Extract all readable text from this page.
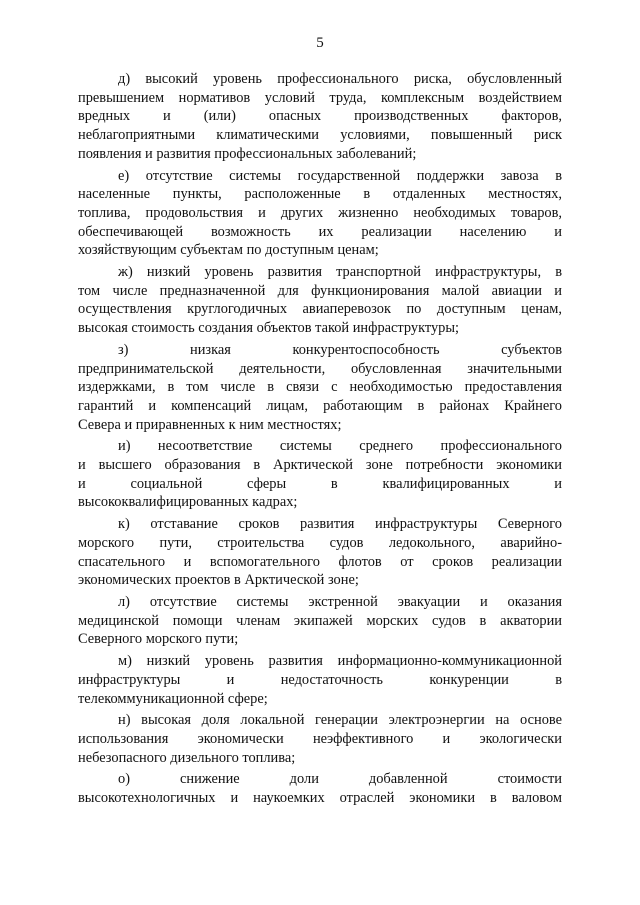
5
д) высокий уровень профессионального риска, обусловленный
превышением нормативов условий труда, комплексным воздействием
вредных и (или) опасных производственных факторов,
неблагоприятными климатическими условиями, повышенный риск
появления и развития профессиональных заболеваний;
е) отсутствие системы государственной поддержки завоза в
населенные пункты, расположенные в отдаленных местностях,
топлива, продовольствия и других жизненно необходимых товаров,
обеспечивающей возможность их реализации населению и
хозяйствующим субъектам по доступным ценам;
ж) низкий уровень развития транспортной инфраструктуры, в
том числе предназначенной для функционирования малой авиации и
осуществления круглогодичных авиаперевозок по доступным ценам,
высокая стоимость создания объектов такой инфраструктуры;
з) низкая конкурентоспособность субъектов
предпринимательской деятельности, обусловленная значительными
издержками, в том числе в связи с необходимостью предоставления
гарантий и компенсаций лицам, работающим в районах Крайнего
Севера и приравненных к ним местностях;
и) несоответствие системы среднего профессионального
и высшего образования в Арктической зоне потребности экономики
и социальной сферы в квалифицированных и
высококвалифицированных кадрах;
к) отставание сроков развития инфраструктуры Северного
морского пути, строительства судов ледокольного, аварийно-
спасательного и вспомогательного флотов от сроков реализации
экономических проектов в Арктической зоне;
л) отсутствие системы экстренной эвакуации и оказания
медицинской помощи членам экипажей морских судов в акватории
Северного морского пути;
м) низкий уровень развития информационно-коммуникационной
инфраструктуры и недостаточность конкуренции в
телекоммуникационной сфере;
н) высокая доля локальной генерации электроэнергии на основе
использования экономически неэффективного и экологически
небезопасного дизельного топлива;
о) снижение доли добавленной стоимости
высокотехнологичных и наукоемких отраслей экономики в валовом
